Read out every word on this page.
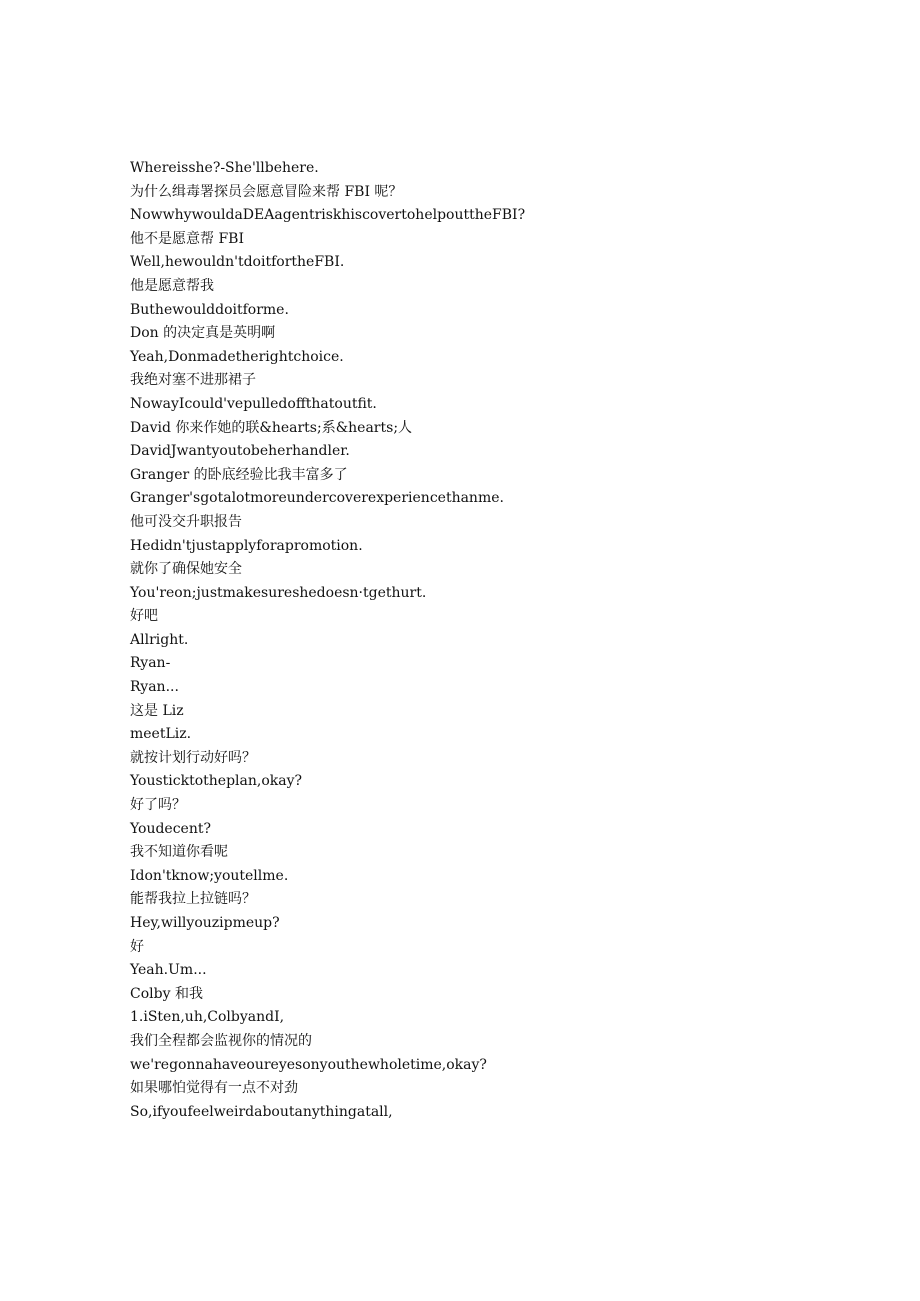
Whereisshe?-She'llbehere.
为什么缉毒署探员会愿意冒险来帮 FBI 呢？
NowwhywouldaDEAagentriskhiscovertohelpouttheFBI?
他不是愿意帮 FBI
Well,hewouldn'tdoitfortheFBI.
他是愿意帮我
Buthewoulddoitforme.
Don 的决定真是英明啊
Yeah,Donmadetherightchoice.
我绝对塞不进那裙子
NowayIcould'vepulledoffthatoutfit.
David 你来作她的联&hearts;系&hearts;人
DavidJwantyoutobeherhandler.
Granger 的卧底经验比我丰富多了
Granger'sgotalotmoreundercoverexperiencethanme.
他可没交升职报告
Hedidn'tjustapplyforapromotion.
就你了确保她安全
You'reon;justmakesureshedoesn·tgethurt.
好吧
Allright.
Ryan-
Ryan...
这是 Liz
meetLiz.
就按计划行动好吗？
Yousticktotheplan,okay?
好了吗？
Youdecent?
我不知道你看呢
Idon'tknow;youtellme.
能帮我拉上拉链吗？
Hey,willyouzipmeup?
好
Yeah.Um...
Colby 和我
1.iSten,uh,ColbyandI,
我们全程都会监视你的情况的
we'regonnahaveoureyesonyouthewholetime,okay?
如果哪怕觉得有一点不对劲
So,ifyoufeelweirdaboutanythingatall,
